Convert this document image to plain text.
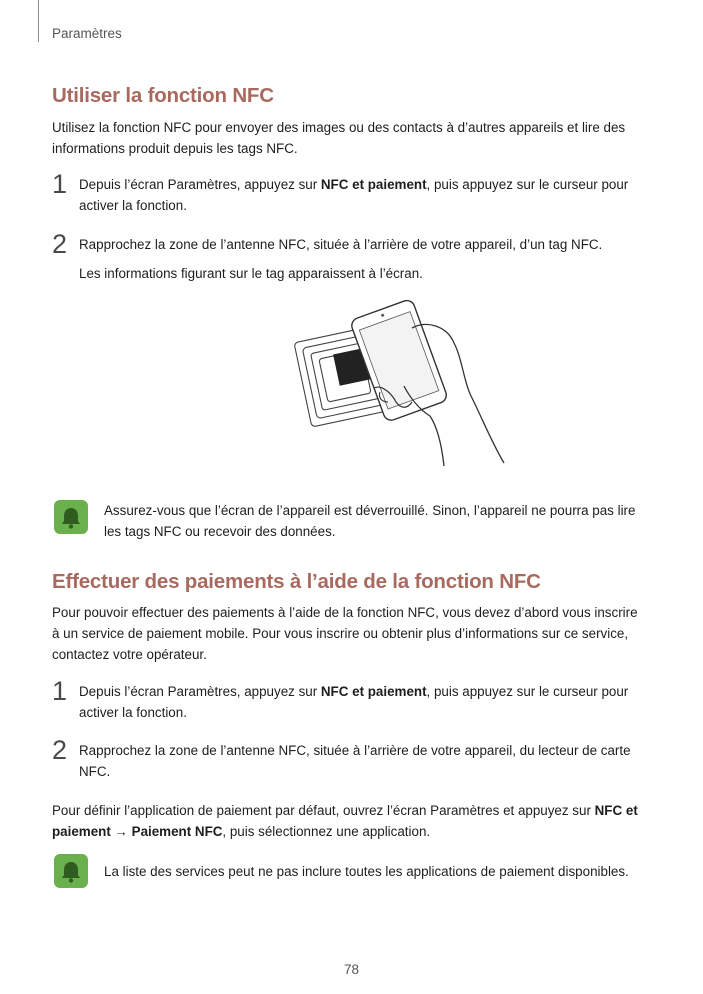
Paramètres
Utiliser la fonction NFC
Utilisez la fonction NFC pour envoyer des images ou des contacts à d’autres appareils et lire des informations produit depuis les tags NFC.
1 Depuis l’écran Paramètres, appuyez sur NFC et paiement, puis appuyez sur le curseur pour activer la fonction.
2 Rapprochez la zone de l’antenne NFC, située à l’arrière de votre appareil, d’un tag NFC.
Les informations figurant sur le tag apparaissent à l’écran.
Assurez-vous que l’écran de l’appareil est déverrouillé. Sinon, l’appareil ne pourra pas lire les tags NFC ou recevoir des données.
Effectuer des paiements à l’aide de la fonction NFC
Pour pouvoir effectuer des paiements à l’aide de la fonction NFC, vous devez d’abord vous inscrire à un service de paiement mobile. Pour vous inscrire ou obtenir plus d’informations sur ce service, contactez votre opérateur.
1 Depuis l’écran Paramètres, appuyez sur NFC et paiement, puis appuyez sur le curseur pour activer la fonction.
2 Rapprochez la zone de l’antenne NFC, située à l’arrière de votre appareil, du lecteur de carte NFC.
Pour définir l’application de paiement par défaut, ouvrez l’écran Paramètres et appuyez sur NFC et paiement → Paiement NFC, puis sélectionnez une application.
La liste des services peut ne pas inclure toutes les applications de paiement disponibles.
78
